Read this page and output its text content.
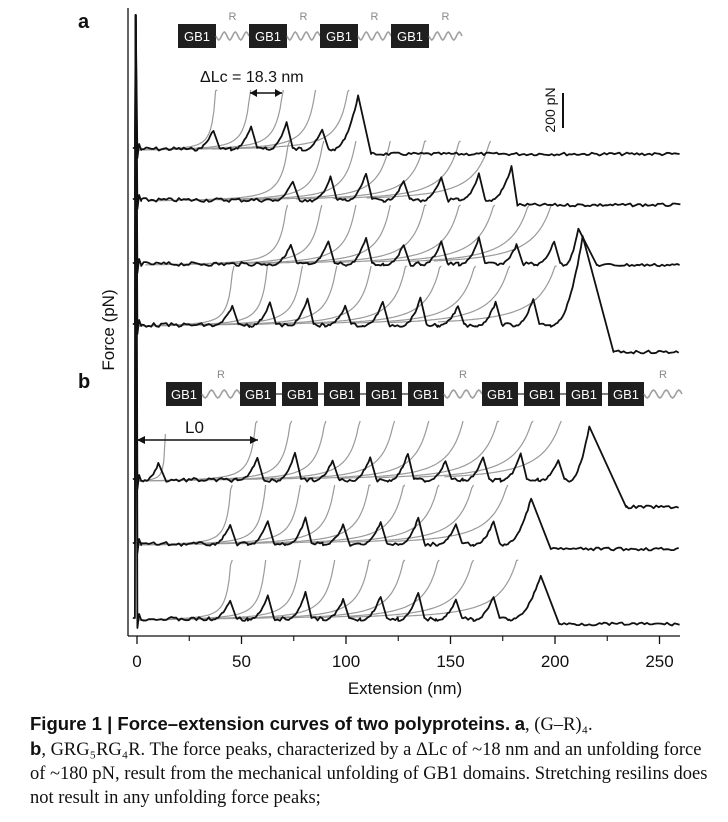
GB1
R
GB1
R
GB1
R
GB1
R
GB1
R
GB1 GB1 GB1 GB1 GB1
R
GB1 GB1 GB1 GB1
R
0	50	100	150	200	250
Extension (nm)
Force (pN)
a
b
200 pN
ΔLc = 18.3 nm
L0
Figure 1 | Force–extension curves of two polyproteins. a, (G–R)₄.
b, GRG₅RG₄R. The force peaks, characterized by a ΔLc of ~18 nm and an unfolding force of ~180 pN, result from the mechanical unfolding of GB1 domains. Stretching resilins does not result in any unfolding force peaks;
